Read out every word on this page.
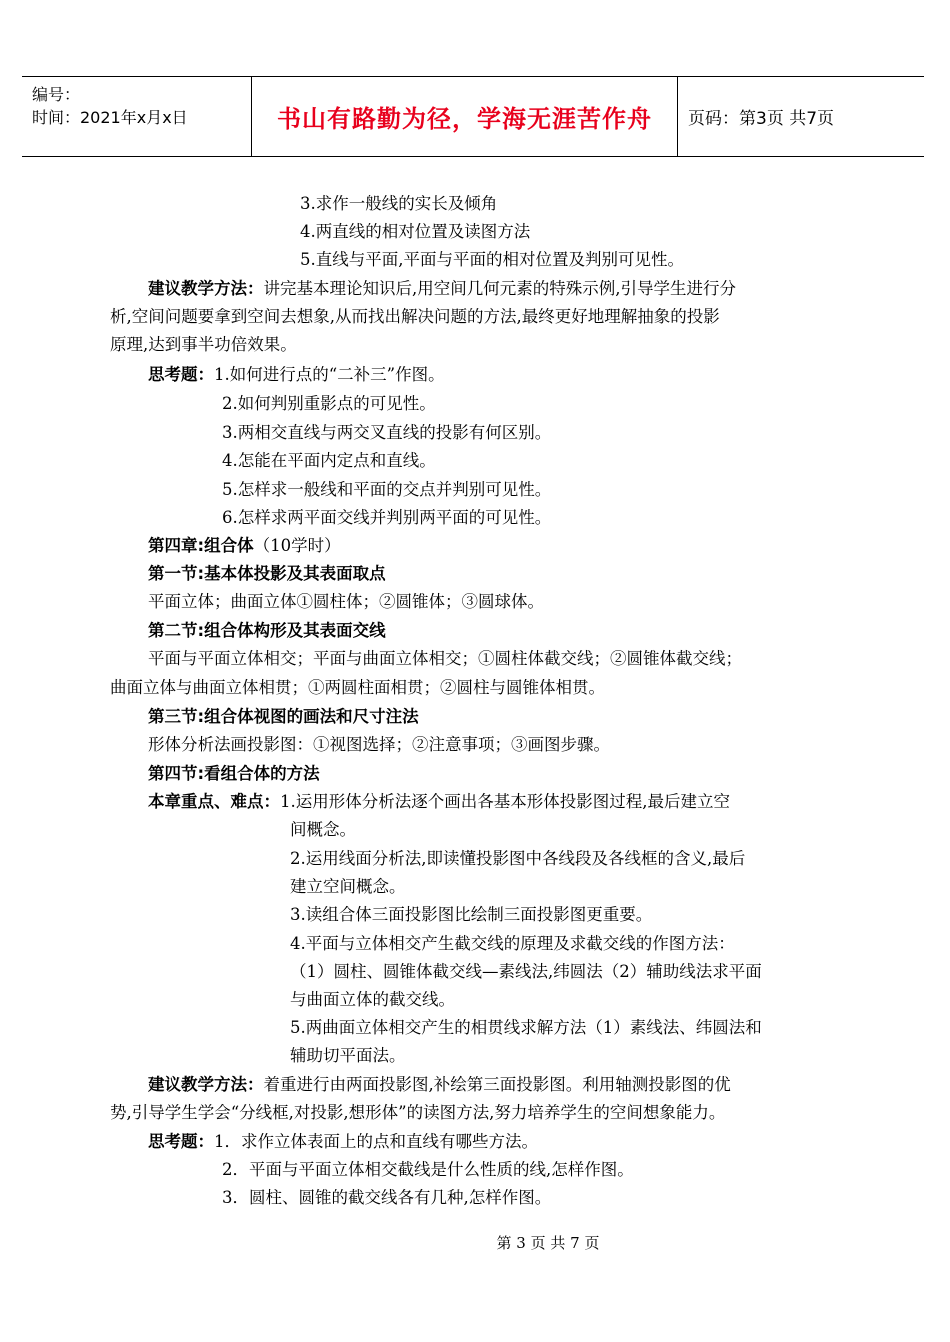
编号：
时间：2021年x月x日	书山有路勤为径，学海无涯苦作舟 页码：第3页 共7页
3.求作一般线的实长及倾角
4.两直线的相对位置及读图方法
5.直线与平面,平面与平面的相对位置及判别可见性。
建议教学方法：讲完基本理论知识后,用空间几何元素的特殊示例,引导学生进行分
析,空间问题要拿到空间去想象,从而找出解决问题的方法,最终更好地理解抽象的投影
原理,达到事半功倍效果。
思考题：1.如何进行点的“二补三”作图。
2.如何判别重影点的可见性。
3.两相交直线与两交叉直线的投影有何区别。
4.怎能在平面内定点和直线。
5.怎样求一般线和平面的交点并判别可见性。
6.怎样求两平面交线并判别两平面的可见性。
第四章:组合体（10学时）
第一节:基本体投影及其表面取点
平面立体；曲面立体①圆柱体；②圆锥体；③圆球体。
第二节:组合体构形及其表面交线
平面与平面立体相交；平面与曲面立体相交；①圆柱体截交线；②圆锥体截交线；
曲面立体与曲面立体相贯；①两圆柱面相贯；②圆柱与圆锥体相贯。
第三节:组合体视图的画法和尺寸注法
形体分析法画投影图：①视图选择；②注意事项；③画图步骤。
第四节:看组合体的方法
本章重点、难点：1.运用形体分析法逐个画出各基本形体投影图过程,最后建立空
间概念。
2.运用线面分析法,即读懂投影图中各线段及各线框的含义,最后
建立空间概念。
3.读组合体三面投影图比绘制三面投影图更重要。
4.平面与立体相交产生截交线的原理及求截交线的作图方法：
（1）圆柱、圆锥体截交线—素线法,纬圆法（2）辅助线法求平面
与曲面立体的截交线。
5.两曲面立体相交产生的相贯线求解方法（1）素线法、纬圆法和
辅助切平面法。
建议教学方法：着重进行由两面投影图,补绘第三面投影图。利用轴测投影图的优
势,引导学生学会“分线框,对投影,想形体”的读图方法,努力培养学生的空间想象能力。
思考题：1．求作立体表面上的点和直线有哪些方法。
2．平面与平面立体相交截线是什么性质的线,怎样作图。
3．圆柱、圆锥的截交线各有几种,怎样作图。
第 3 页 共 7 页
